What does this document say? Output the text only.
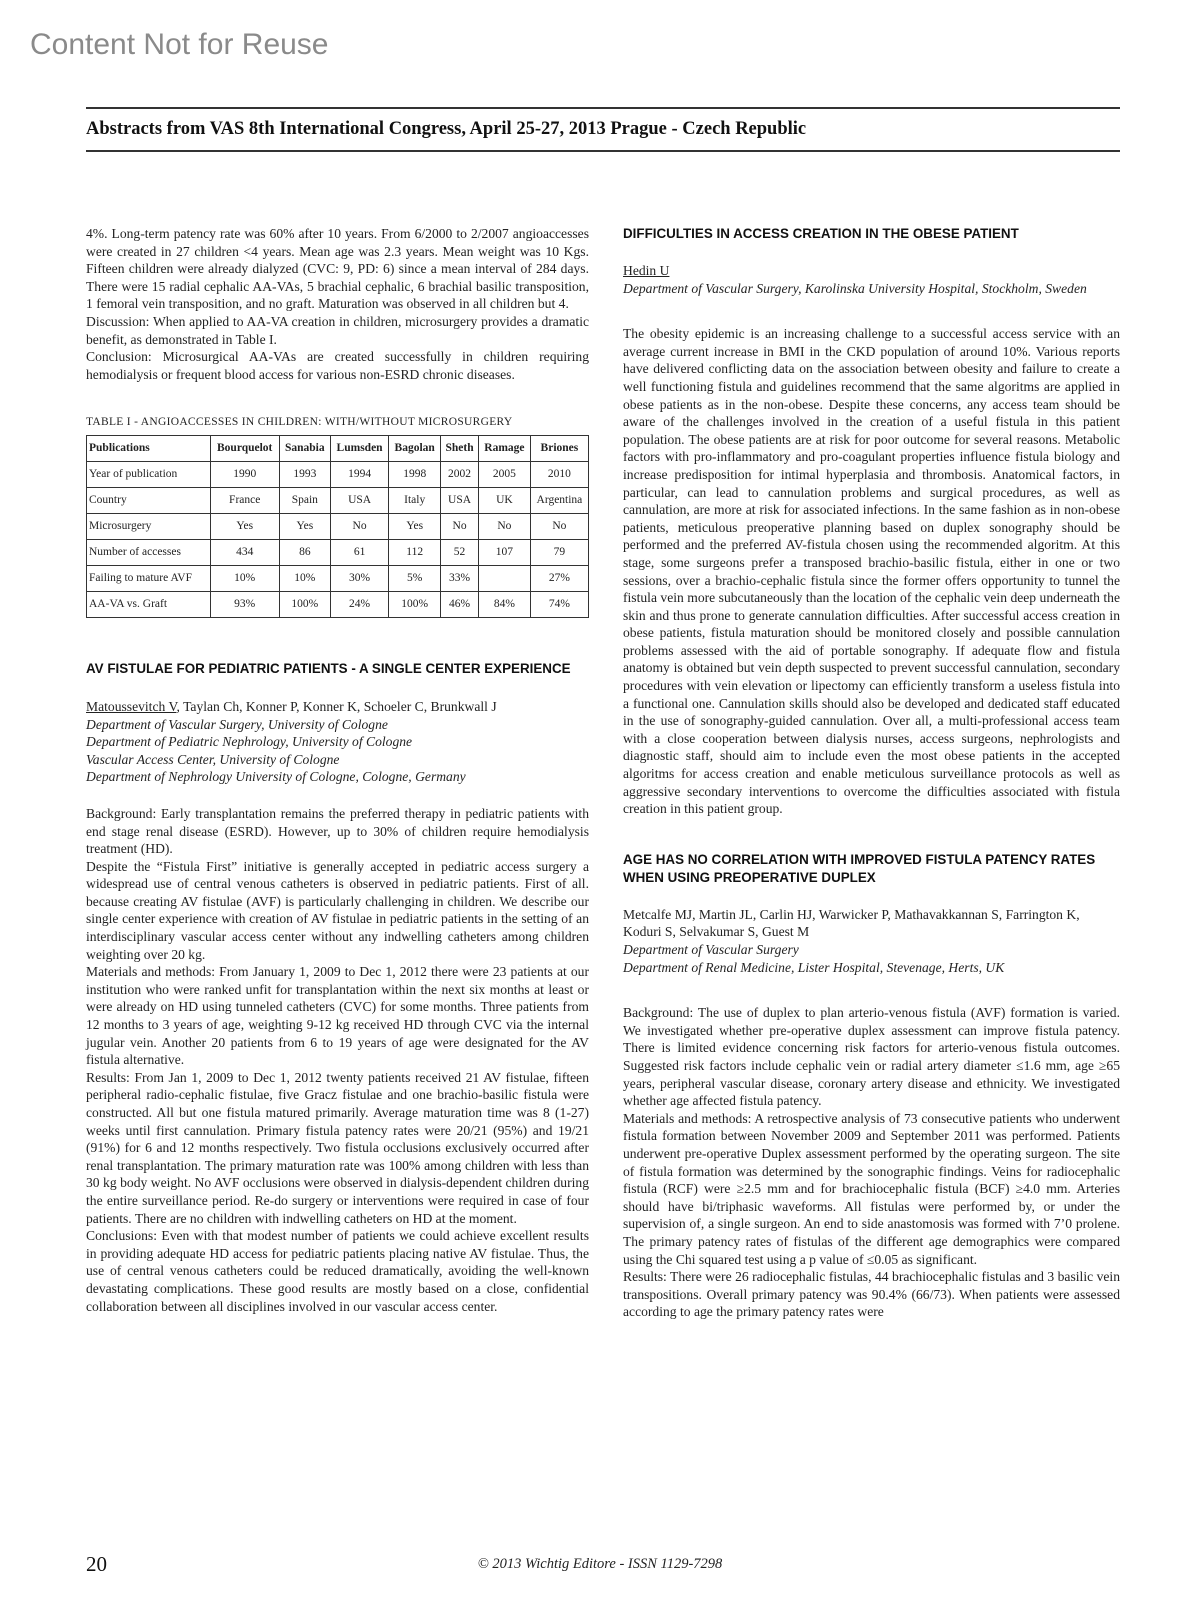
Content Not for Reuse
Abstracts from VAS 8th International Congress, April 25-27, 2013 Prague - Czech Republic

4%. Long-term patency rate was 60% after 10 years. From 6/2000 to 2/2007 angioaccesses were created in 27 children <4 years. Mean age was 2.3 years. Mean weight was 10 Kgs. Fifteen children were already dialyzed (CVC: 9, PD: 6) since a mean interval of 284 days. There were 15 radial cephalic AA-VAs, 5 brachial cephalic, 6 brachial basilic transposition, 1 femoral vein transposition, and no graft. Maturation was observed in all children but 4.

Discussion: When applied to AA-VA creation in children, microsurgery provides a dramatic benefit, as demonstrated in Table I.

Conclusion: Microsurgical AA-VAs are created successfully in children requiring hemodialysis or frequent blood access for various non-ESRD chronic diseases.

TABLE I - ANGIOACCESSES IN CHILDREN: WITH/WITHOUT MICROSURGERY

Publications	Bourquelot	Sanabia	Lumsden	Bagolan	Sheth	Ramage	Briones
Year of publication	1990	1993	1994	1998	2002	2005	2010
Country	France	Spain	USA	Italy	USA	UK	Argentina
Microsurgery	Yes	Yes	No	Yes	No	No	No
Number of accesses	434	86	61	112	52	107	79
Failing to mature AVF	10%	10%	30%	5%	33%		27%
AA-VA vs. Graft	93%	100%	24%	100%	46%	84%	74%

AV FISTULAE FOR PEDIATRIC PATIENTS - A SINGLE CENTER EXPERIENCE

Matoussevitch V, Taylan Ch, Konner P, Konner K, Schoeler C, Brunkwall J

Department of Vascular Surgery, University of Cologne

Department of Pediatric Nephrology, University of Cologne

Vascular Access Center, University of Cologne

Department of Nephrology University of Cologne, Cologne, Germany

Background: Early transplantation remains the preferred therapy in pediatric patients with end stage renal disease (ESRD). However, up to 30% of children require hemodialysis treatment (HD).

Despite the “Fistula First” initiative is generally accepted in pediatric access surgery a widespread use of central venous catheters is observed in pediatric patients. First of all. because creating AV fistulae (AVF) is particularly challenging in children. We describe our single center experience with creation of AV fistulae in pediatric patients in the setting of an interdisciplinary vascular access center without any indwelling catheters among children weighting over 20 kg.

Materials and methods: From January 1, 2009 to Dec 1, 2012 there were 23 patients at our institution who were ranked unfit for transplantation within the next six months at least or were already on HD using tunneled catheters (CVC) for some months. Three patients from 12 months to 3 years of age, weighting 9-12 kg received HD through CVC via the internal jugular vein. Another 20 patients from 6 to 19 years of age were designated for the AV fistula alternative.

Results: From Jan 1, 2009 to Dec 1, 2012 twenty patients received 21 AV fistulae, fifteen peripheral radio-cephalic fistulae, five Gracz fistulae and one brachio-basilic fistula were constructed. All but one fistula matured primarily. Average maturation time was 8 (1-27) weeks until first cannulation. Primary fistula patency rates were 20/21 (95%) and 19/21 (91%) for 6 and 12 months respectively. Two fistula occlusions exclusively occurred after renal transplantation. The primary maturation rate was 100% among children with less than 30 kg body weight. No AVF occlusions were observed in dialysis-dependent children during the entire surveillance period. Re-do surgery or interventions were required in case of four patients. There are no children with indwelling catheters on HD at the moment.

Conclusions: Even with that modest number of patients we could achieve excellent results in providing adequate HD access for pediatric patients placing native AV fistulae. Thus, the use of central venous catheters could be reduced dramatically, avoiding the well-known devastating complications. These good results are mostly based on a close, confidential collaboration between all disciplines involved in our vascular access center.

DIFFICULTIES IN ACCESS CREATION IN THE OBESE PATIENT

Hedin U

Department of Vascular Surgery, Karolinska University Hospital, Stockholm, Sweden

The obesity epidemic is an increasing challenge to a successful access service with an average current increase in BMI in the CKD population of around 10%. Various reports have delivered conflicting data on the association between obesity and failure to create a well functioning fistula and guidelines recommend that the same algoritms are applied in obese patients as in the non-obese. Despite these concerns, any access team should be aware of the challenges involved in the creation of a useful fistula in this patient population. The obese patients are at risk for poor outcome for several reasons. Metabolic factors with pro-inflammatory and pro-coagulant properties influence fistula biology and increase predisposition for intimal hyperplasia and thrombosis. Anatomical factors, in particular, can lead to cannulation problems and surgical procedures, as well as cannulation, are more at risk for associated infections. In the same fashion as in non-obese patients, meticulous preoperative planning based on duplex sonography should be performed and the preferred AV-fistula chosen using the recommended algoritm. At this stage, some surgeons prefer a transposed brachio-basilic fistula, either in one or two sessions, over a brachio-cephalic fistula since the former offers opportunity to tunnel the fistula vein more subcutaneously than the location of the cephalic vein deep underneath the skin and thus prone to generate cannulation difficulties. After successful access creation in obese patients, fistula maturation should be monitored closely and possible cannulation problems assessed with the aid of portable sonography. If adequate flow and fistula anatomy is obtained but vein depth suspected to prevent successful cannulation, secondary procedures with vein elevation or lipectomy can efficiently transform a useless fistula into a functional one. Cannulation skills should also be developed and dedicated staff educated in the use of sonography-guided cannulation. Over all, a multi-professional access team with a close cooperation between dialysis nurses, access surgeons, nephrologists and diagnostic staff, should aim to include even the most obese patients in the accepted algoritms for access creation and enable meticulous surveillance protocols as well as aggressive secondary interventions to overcome the difficulties associated with fistula creation in this patient group.

AGE HAS NO CORRELATION WITH IMPROVED FISTULA PATENCY RATES WHEN USING PREOPERATIVE DUPLEX

Metcalfe MJ, Martin JL, Carlin HJ, Warwicker P, Mathavakkannan S, Farrington K, Koduri S, Selvakumar S, Guest M

Department of Vascular Surgery

Department of Renal Medicine, Lister Hospital, Stevenage, Herts, UK

Background: The use of duplex to plan arterio-venous fistula (AVF) formation is varied. We investigated whether pre-operative duplex assessment can improve fistula patency. There is limited evidence concerning risk factors for arterio-venous fistula outcomes. Suggested risk factors include cephalic vein or radial artery diameter ≤1.6 mm, age ≥65 years, peripheral vascular disease, coronary artery disease and ethnicity. We investigated whether age affected fistula patency.

Materials and methods: A retrospective analysis of 73 consecutive patients who underwent fistula formation between November 2009 and September 2011 was performed. Patients underwent pre-operative Duplex assessment performed by the operating surgeon. The site of fistula formation was determined by the sonographic findings. Veins for radiocephalic fistula (RCF) were ≥2.5 mm and for brachiocephalic fistula (BCF) ≥4.0 mm. Arteries should have bi/triphasic waveforms. All fistulas were performed by, or under the supervision of, a single surgeon. An end to side anastomosis was formed with 7’0 prolene. The primary patency rates of fistulas of the different age demographics were compared using the Chi squared test using a p value of ≤0.05 as significant.

Results: There were 26 radiocephalic fistulas, 44 brachiocephalic fistulas and 3 basilic vein transpositions. Overall primary patency was 90.4% (66/73). When patients were assessed according to age the primary patency rates were

20	© 2013 Wichtig Editore - ISSN 1129-7298
